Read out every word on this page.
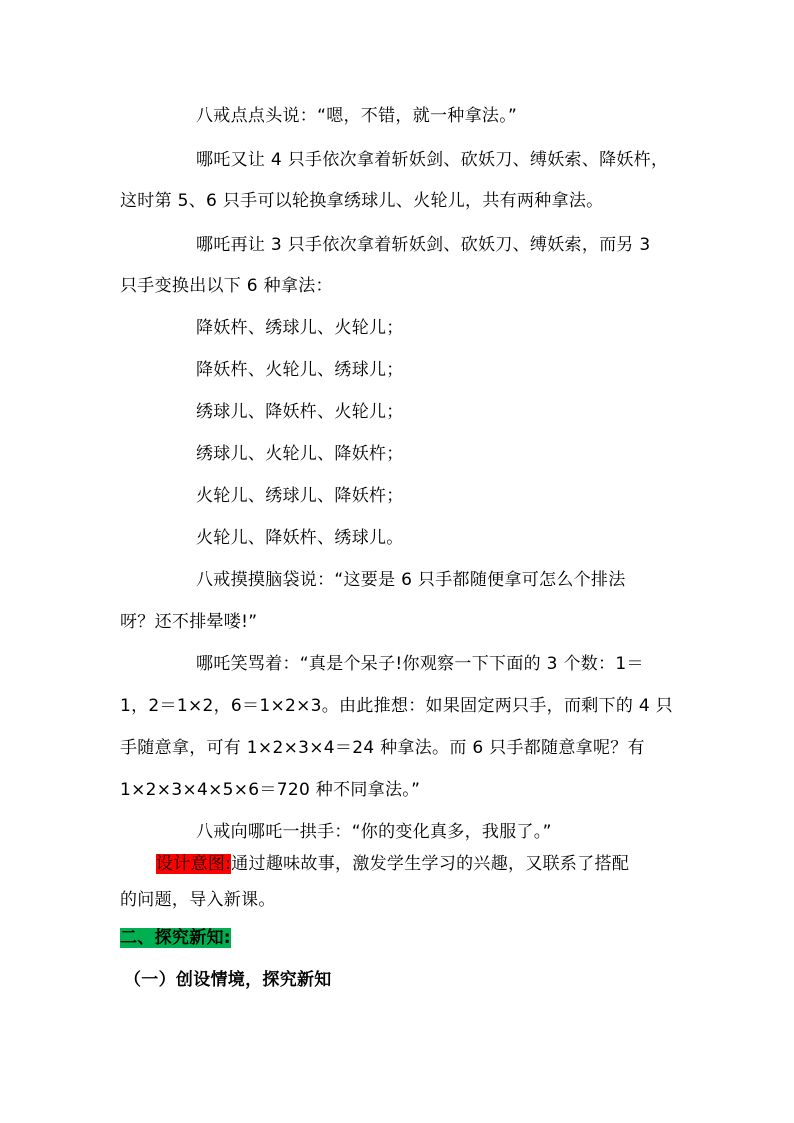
八戒点点头说：“嗯，不错，就一种拿法。”
哪吒又让 4 只手依次拿着斩妖剑、砍妖刀、缚妖索、降妖杵，
这时第 5、6 只手可以轮换拿绣球儿、火轮儿，共有两种拿法。
哪吒再让 3 只手依次拿着斩妖剑、砍妖刀、缚妖索，而另 3
只手变换出以下 6 种拿法：
降妖杵、绣球儿、火轮儿；
降妖杵、火轮儿、绣球儿；
绣球儿、降妖杵、火轮儿；
绣球儿、火轮儿、降妖杵；
火轮儿、绣球儿、降妖杵；
火轮儿、降妖杵、绣球儿。
八戒摸摸脑袋说：“这要是 6 只手都随便拿可怎么个排法
呀？还不排晕喽!”
哪吒笑骂着：“真是个呆子!你观察一下下面的 3 个数：1＝
1，2＝1×2，6＝1×2×3。由此推想：如果固定两只手，而剩下的 4 只
手随意拿，可有 1×2×3×4＝24 种拿法。而 6 只手都随意拿呢？有
1×2×3×4×5×6＝720 种不同拿法。”
八戒向哪吒一拱手：“你的变化真多，我服了。”
设计意图:通过趣味故事，激发学生学习的兴趣，又联系了搭配
的问题，导入新课。
二、探究新知:
（一）创设情境，探究新知
